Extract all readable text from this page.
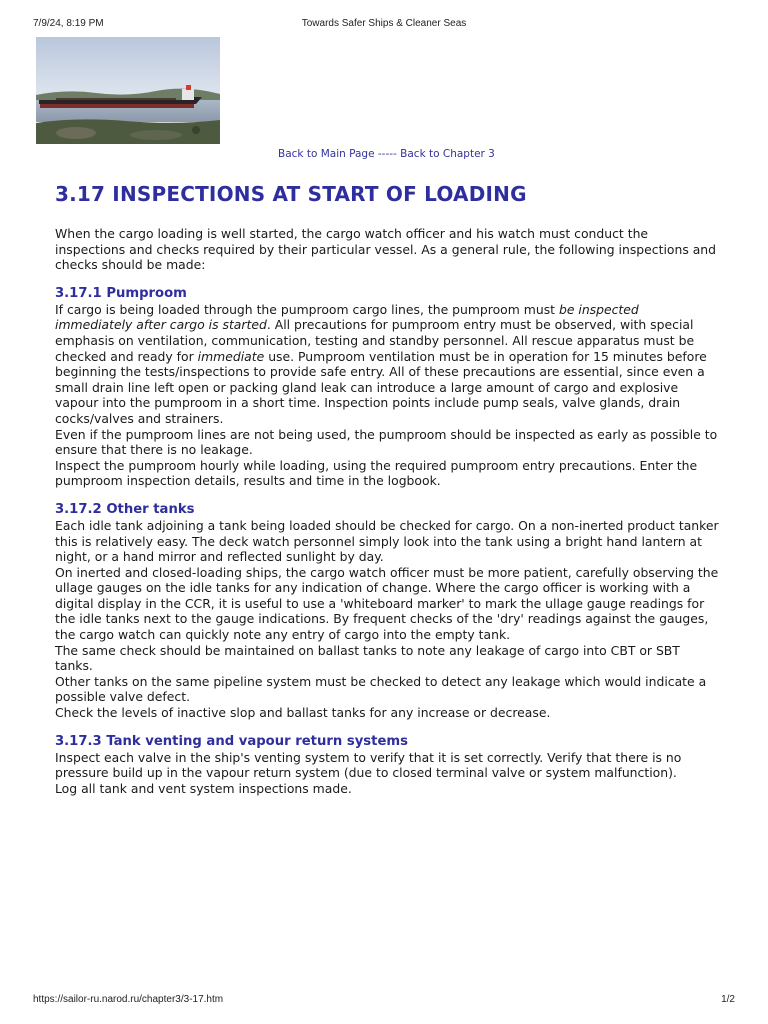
7/9/24, 8:19 PM	Towards Safer Ships & Cleaner Seas
Back to Main Page ----- Back to Chapter 3
3.17 INSPECTIONS AT START OF LOADING

When the cargo loading is well started, the cargo watch officer and his watch must conduct the inspections and checks required by their particular vessel. As a general rule, the following inspections and checks should be made:

3.17.1 Pumproom

If cargo is being loaded through the pumproom cargo lines, the pumproom must be inspected immediately after cargo is started. All precautions for pumproom entry must be observed, with special emphasis on ventilation, communication, testing and standby personnel. All rescue apparatus must be checked and ready for immediate use. Pumproom ventilation must be in operation for 15 minutes before beginning the tests/inspections to provide safe entry. All of these precautions are essential, since even a small drain line left open or packing gland leak can introduce a large amount of cargo and explosive vapour into the pumproom in a short time. Inspection points include pump seals, valve glands, drain cocks/valves and strainers.

Even if the pumproom lines are not being used, the pumproom should be inspected as early as possible to ensure that there is no leakage.

Inspect the pumproom hourly while loading, using the required pumproom entry precautions. Enter the pumproom inspection details, results and time in the logbook.

3.17.2 Other tanks

Each idle tank adjoining a tank being loaded should be checked for cargo. On a non-inerted product tanker this is relatively easy. The deck watch personnel simply look into the tank using a bright hand lantern at night, or a hand mirror and reflected sunlight by day.

On inerted and closed-loading ships, the cargo watch officer must be more patient, carefully observing the ullage gauges on the idle tanks for any indication of change. Where the cargo officer is working with a digital display in the CCR, it is useful to use a 'whiteboard marker' to mark the ullage gauge readings for the idle tanks next to the gauge indications. By frequent checks of the 'dry' readings against the gauges, the cargo watch can quickly note any entry of cargo into the empty tank.

The same check should be maintained on ballast tanks to note any leakage of cargo into CBT or SBT tanks.

Other tanks on the same pipeline system must be checked to detect any leakage which would indicate a possible valve defect.

Check the levels of inactive slop and ballast tanks for any increase or decrease.

3.17.3 Tank venting and vapour return systems

Inspect each valve in the ship's venting system to verify that it is set correctly. Verify that there is no pressure build up in the vapour return system (due to closed terminal valve or system malfunction).

Log all tank and vent system inspections made.

https://sailor-ru.narod.ru/chapter3/3-17.htm	1/2
